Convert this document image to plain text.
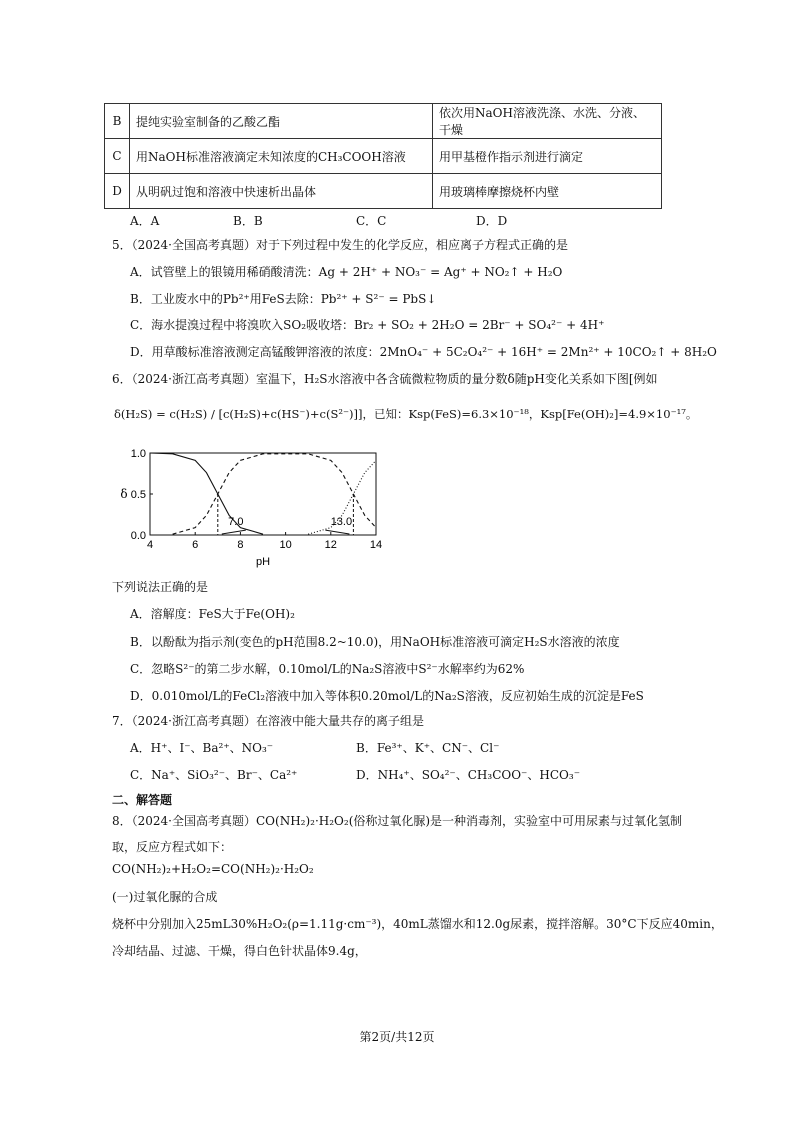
B	提纯实验室制备的乙酸乙酯	依次用NaOH溶液洗涤、水洗、分液、干燥
C	用NaOH标准溶液滴定未知浓度的CH₃COOH溶液	用甲基橙作指示剂进行滴定
D	从明矾过饱和溶液中快速析出晶体	用玻璃棒摩擦烧杯内壁
A．A	B．B	C．C	D．D
5．（2024·全国高考真题）对于下列过程中发生的化学反应，相应离子方程式正确的是
A．试管壁上的银镜用稀硝酸清洗：Ag + 2H⁺ + NO₃⁻ = Ag⁺ + NO₂↑ + H₂O
B．工业废水中的Pb²⁺用FeS去除：Pb²⁺ + S²⁻ = PbS↓
C．海水提溴过程中将溴吹入SO₂吸收塔：Br₂ + SO₂ + 2H₂O = 2Br⁻ + SO₄²⁻ + 4H⁺
D．用草酸标准溶液测定高锰酸钾溶液的浓度：2MnO₄⁻ + 5C₂O₄²⁻ + 16H⁺ = 2Mn²⁺ + 10CO₂↑ + 8H₂O
6．（2024·浙江高考真题）室温下，H₂S水溶液中各含硫微粒物质的量分数δ随pH变化关系如下图[例如
δ(H₂S) = c(H₂S) / [c(H₂S)+c(HS⁻)+c(S²⁻)]]，已知：Ksp(FeS)=6.3×10⁻¹⁸，Ksp[Fe(OH)₂]=4.9×10⁻¹⁷。
4	6	8	10	12	14
0.0
0.5
1.0
pH
δ
7.0	13.0
下列说法正确的是
A．溶解度：FeS大于Fe(OH)₂
B．以酚酞为指示剂(变色的pH范围8.2~10.0)，用NaOH标准溶液可滴定H₂S水溶液的浓度
C．忽略S²⁻的第二步水解，0.10mol/L的Na₂S溶液中S²⁻水解率约为62%
D．0.010mol/L的FeCl₂溶液中加入等体积0.20mol/L的Na₂S溶液，反应初始生成的沉淀是FeS
7．（2024·浙江高考真题）在溶液中能大量共存的离子组是
A．H⁺、I⁻、Ba²⁺、NO₃⁻	B．Fe³⁺、K⁺、CN⁻、Cl⁻
C．Na⁺、SiO₃²⁻、Br⁻、Ca²⁺	D．NH₄⁺、SO₄²⁻、CH₃COO⁻、HCO₃⁻
二、解答题
8．（2024·全国高考真题）CO(NH₂)₂·H₂O₂(俗称过氧化脲)是一种消毒剂，实验室中可用尿素与过氧化氢制
取，反应方程式如下：
CO(NH₂)₂+H₂O₂=CO(NH₂)₂·H₂O₂
(一)过氧化脲的合成
烧杯中分别加入25mL30%H₂O₂(ρ=1.11g·cm⁻³)，40mL蒸馏水和12.0g尿素，搅拌溶解。30°C下反应40min，
冷却结晶、过滤、干燥，得白色针状晶体9.4g，
第2页/共12页
